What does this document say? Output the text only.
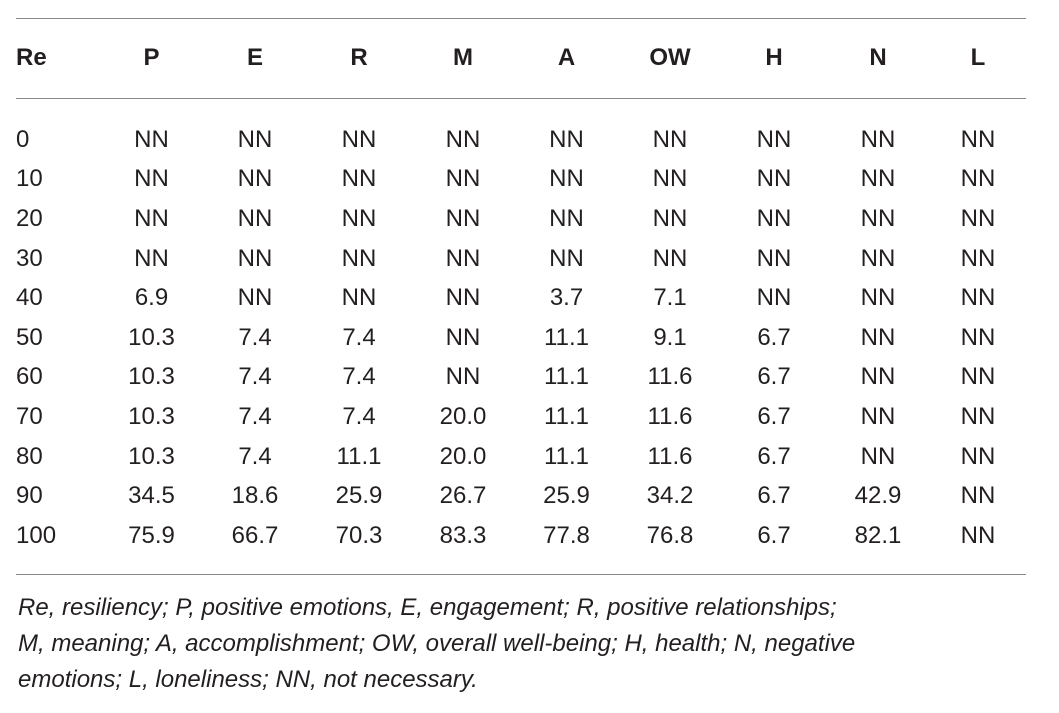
Re	P	E	R	M	A	OW	H	N	L
0	NN	NN	NN	NN	NN	NN	NN	NN	NN
10	NN	NN	NN	NN	NN	NN	NN	NN	NN
20	NN	NN	NN	NN	NN	NN	NN	NN	NN
30	NN	NN	NN	NN	NN	NN	NN	NN	NN
40	6.9	NN	NN	NN	3.7	7.1	NN	NN	NN
50	10.3	7.4	7.4	NN	11.1	9.1	6.7	NN	NN
60	10.3	7.4	7.4	NN	11.1	11.6	6.7	NN	NN
70	10.3	7.4	7.4	20.0	11.1	11.6	6.7	NN	NN
80	10.3	7.4	11.1	20.0	11.1	11.6	6.7	NN	NN
90	34.5	18.6	25.9	26.7	25.9	34.2	6.7	42.9	NN
100	75.9	66.7	70.3	83.3	77.8	76.8	6.7	82.1	NN
Re, resiliency; P, positive emotions, E, engagement; R, positive relationships;
M, meaning; A, accomplishment; OW, overall well-being; H, health; N, negative
emotions; L, loneliness; NN, not necessary.
